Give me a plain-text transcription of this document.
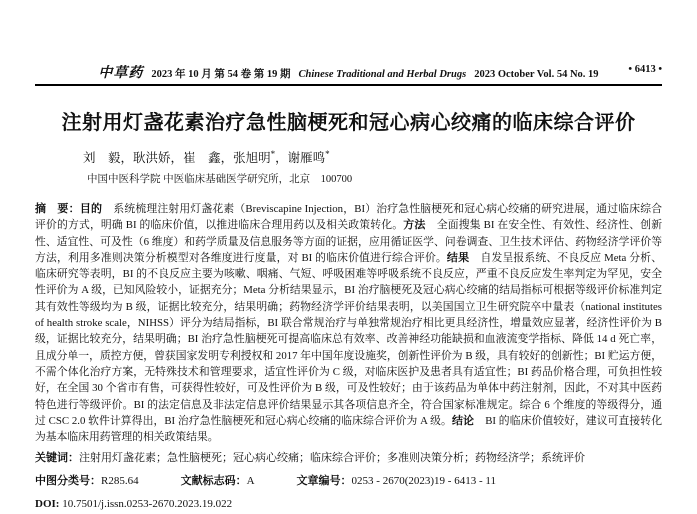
中草药 2023 年 10 月 第 54 卷 第 19 期 Chinese Traditional and Herbal Drugs 2023 October Vol. 54 No. 19	• 6413 •
注射用灯盏花素治疗急性脑梗死和冠心病心绞痛的临床综合评价
刘　毅，耿洪娇，崔　鑫，张旭明*，谢雁鸣*
中国中医科学院 中医临床基础医学研究所，北京　100700

摘　要：目的　系统梳理注射用灯盏花素（Breviscapine Injection，BI）治疗急性脑梗死和冠心病心绞痛的研究进展，通过临床综合评价的方式，明确 BI 的临床价值，以推进临床合理用药以及相关政策转化。方法　全面搜集 BI 在安全性、有效性、经济性、创新性、适宜性、可及性（6 维度）和药学质量及信息服务等方面的证据，应用循证医学、问卷调查、卫生技术评估、药物经济学评价等方法，利用多准则决策分析模型对各维度进行度量，对 BI 的临床价值进行综合评价。结果　自发呈报系统、不良反应 Meta 分析、临床研究等表明，BI 的不良反应主要为咳嗽、咽痛、气短、呼吸困难等呼吸系统不良反应，严重不良反应发生率判定为罕见，安全性评价为 A 级，已知风险较小，证据充分；Meta 分析结果显示，BI 治疗脑梗死及冠心病心绞痛的结局指标可根据等级评价标准判定其有效性等级均为 B 级，证据比较充分，结果明确；药物经济学评价结果表明，以美国国立卫生研究院卒中量表（national institutes of health stroke scale，NIHSS）评分为结局指标，BI 联合常规治疗与单独常规治疗相比更具经济性，增量效应显著，经济性评价为 B 级，证据比较充分，结果明确；BI 治疗急性脑梗死可提高临床总有效率、改善神经功能缺损和血液流变学指标、降低 14 d 死亡率，且成分单一，质控方便，曾获国家发明专利授权和 2017 年中国年度设施奖，创新性评价为 B 级，具有较好的创新性；BI 贮运方便，不需个体化治疗方案，无特殊技术和管理要求，适宜性评价为 C 级，对临床医护及患者具有适宜性；BI 药品价格合理，可负担性较好，在全国 30 个省市有售，可获得性较好，可及性评价为 B 级，可及性较好；由于该药品为单体中药注射剂，因此，不对其中医药特色进行等级评价。BI 的法定信息及非法定信息评价结果显示其各项信息齐全，符合国家标准规定。综合 6 个维度的等级得分，通过 CSC 2.0 软件计算得出，BI 治疗急性脑梗死和冠心病心绞痛的临床综合评价为 A 级。结论　BI 的临床价值较好，建议可直接转化为基本临床用药管理的相关政策结果。

关键词：注射用灯盏花素；急性脑梗死；冠心病心绞痛；临床综合评价；多准则决策分析；药物经济学；系统评价
中图分类号：R285.64	文献标志码：A	文章编号：0253 - 2670(2023)19 - 6413 - 11
DOI: 10.7501/j.issn.0253-2670.2023.19.022
